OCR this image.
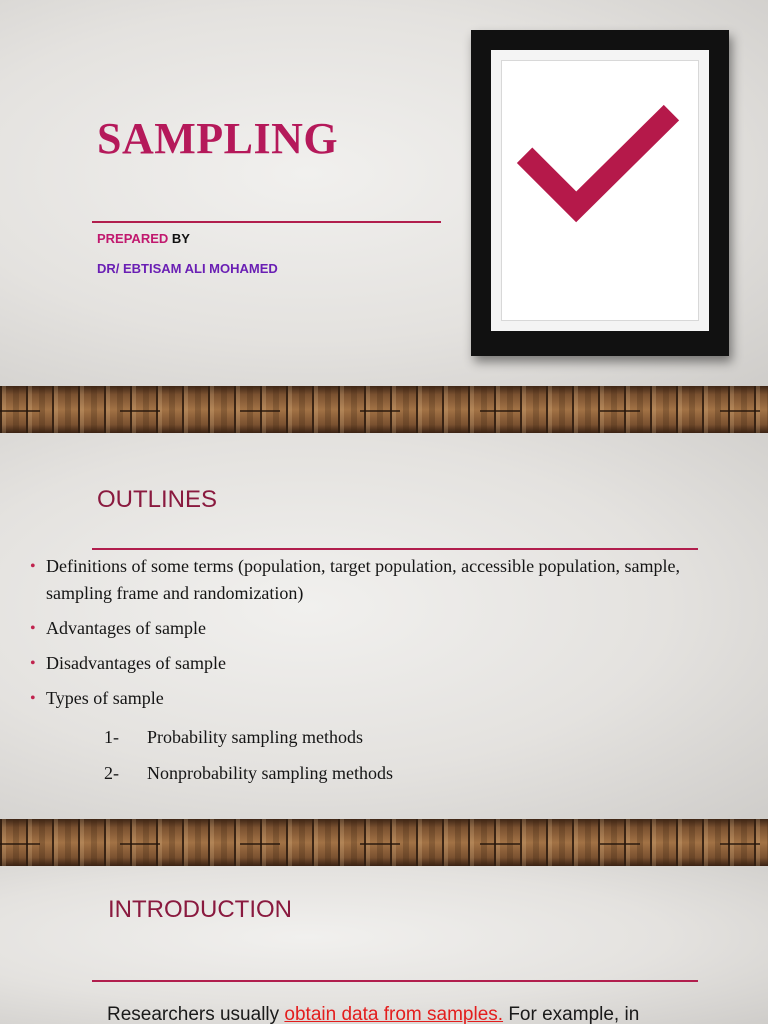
SAMPLING
PREPARED BY
DR/ EBTISAM ALI MOHAMED
OUTLINES
• Definitions of some terms (population, target population, accessible population, sample, sampling frame and randomization)
• Advantages of sample
• Disadvantages of sample
• Types of sample
1- Probability sampling methods
2- Nonprobability sampling methods
INTRODUCTION

Researchers usually obtain data from samples. For example, in
